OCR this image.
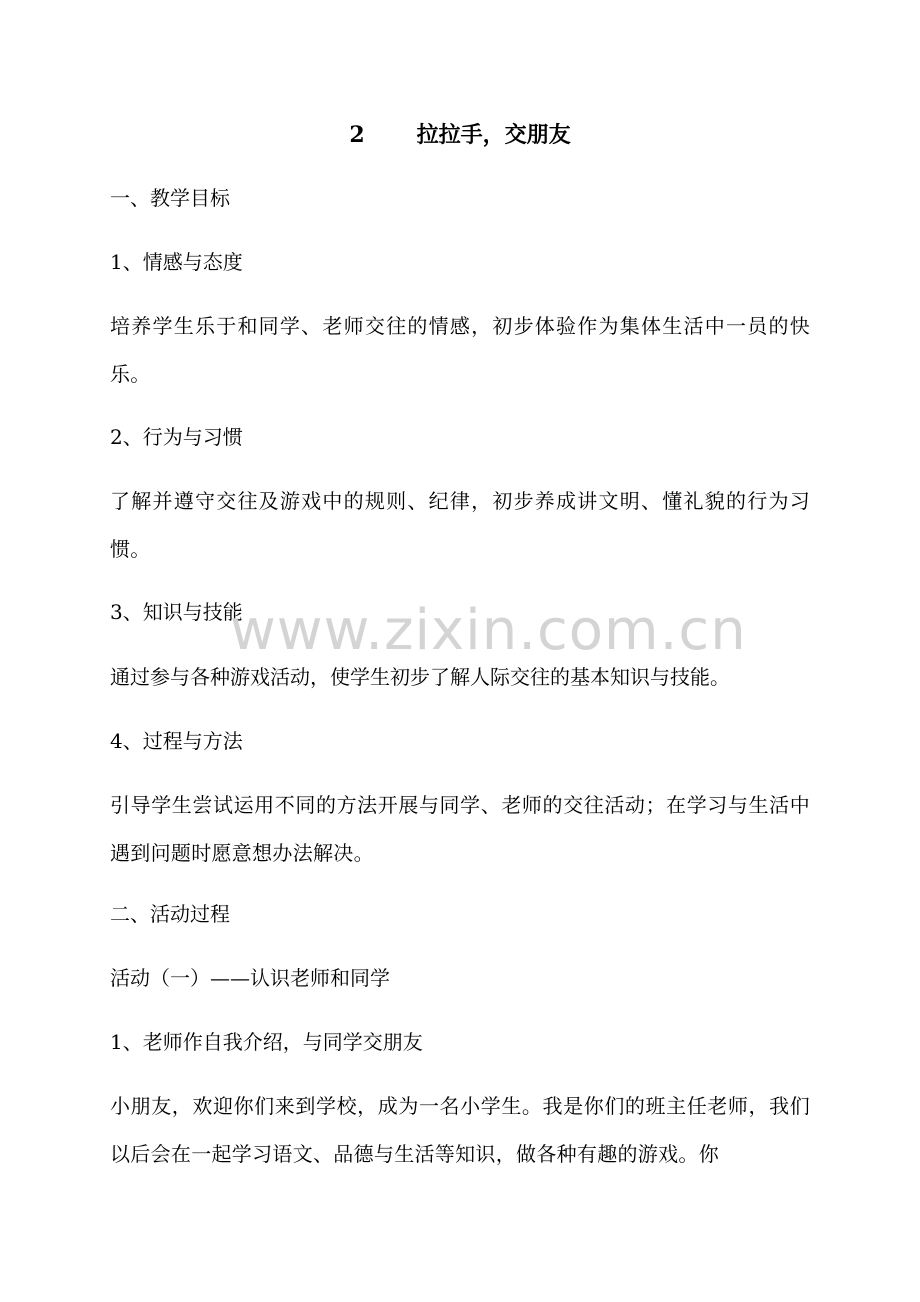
2 拉拉手，交朋友
一、教学目标
1、情感与态度
培养学生乐于和同学、老师交往的情感，初步体验作为集体生活中一员的快乐。
2、行为与习惯
了解并遵守交往及游戏中的规则、纪律，初步养成讲文明、懂礼貌的行为习惯。
3、知识与技能
通过参与各种游戏活动，使学生初步了解人际交往的基本知识与技能。
4、过程与方法
引导学生尝试运用不同的方法开展与同学、老师的交往活动；在学习与生活中遇到问题时愿意想办法解决。
二、活动过程
活动（一）——认识老师和同学
1、老师作自我介绍，与同学交朋友
小朋友，欢迎你们来到学校，成为一名小学生。我是你们的班主任老师，我们以后会在一起学习语文、品德与生活等知识，做各种有趣的游戏。你
www.zixin.com.cn
